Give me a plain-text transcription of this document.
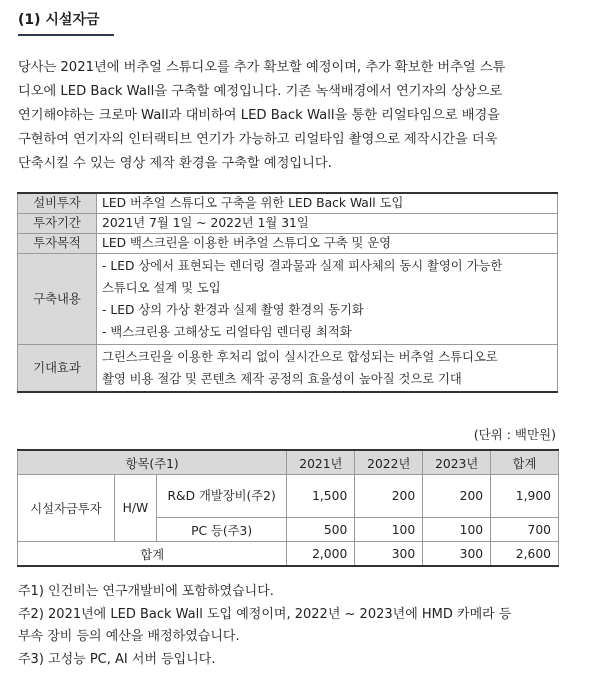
(1) 시설자금
당사는 2021년에 버추얼 스튜디오를 추가 확보할 예정이며, 추가 확보한 버추얼 스튜
디오에 LED Back Wall을 구축할 예정입니다. 기존 녹색배경에서 연기자의 상상으로
연기해야하는 크로마 Wall과 대비하여 LED Back Wall을 통한 리얼타임으로 배경을
구현하여 연기자의 인터랙티브 연기가 가능하고 리얼타임 촬영으로 제작시간을 더욱
단축시킬 수 있는 영상 제작 환경을 구축할 예정입니다.
설비투자	LED 버추얼 스튜디오 구축을 위한 LED Back Wall 도입
투자기간	2021년 7월 1일 ~ 2022년 1월 31일
투자목적	LED 백스크린을 이용한 버추얼 스튜디오 구축 및 운영
구축내용	- LED 상에서 표현되는 렌더링 결과물과 실제 피사체의 동시 촬영이 가능한
스튜디오 설계 및 도입
- LED 상의 가상 환경과 실제 촬영 환경의 동기화
- 백스크린용 고해상도 리얼타임 렌더링 최적화

기대효과	그린스크린을 이용한 후처리 없이 실시간으로 합성되는 버추얼 스튜디오로
촬영 비용 절감 및 콘텐츠 제작 공정의 효율성이 높아질 것으로 기대
(단위 : 백만원)
항목(주1)			2021년	2022년	2023년	합계
시설자금투자	H/W	R&D 개발장비(주2)	1,500	200	200	1,900
		PC 등(주3)	500	100	100	700
합계			2,000	300	300	2,600
주1) 인건비는 연구개발비에 포함하였습니다.
주2) 2021년에 LED Back Wall 도입 예정이며, 2022년 ~ 2023년에 HMD 카메라 등
부속 장비 등의 예산을 배정하였습니다.
주3) 고성능 PC, AI 서버 등입니다.
